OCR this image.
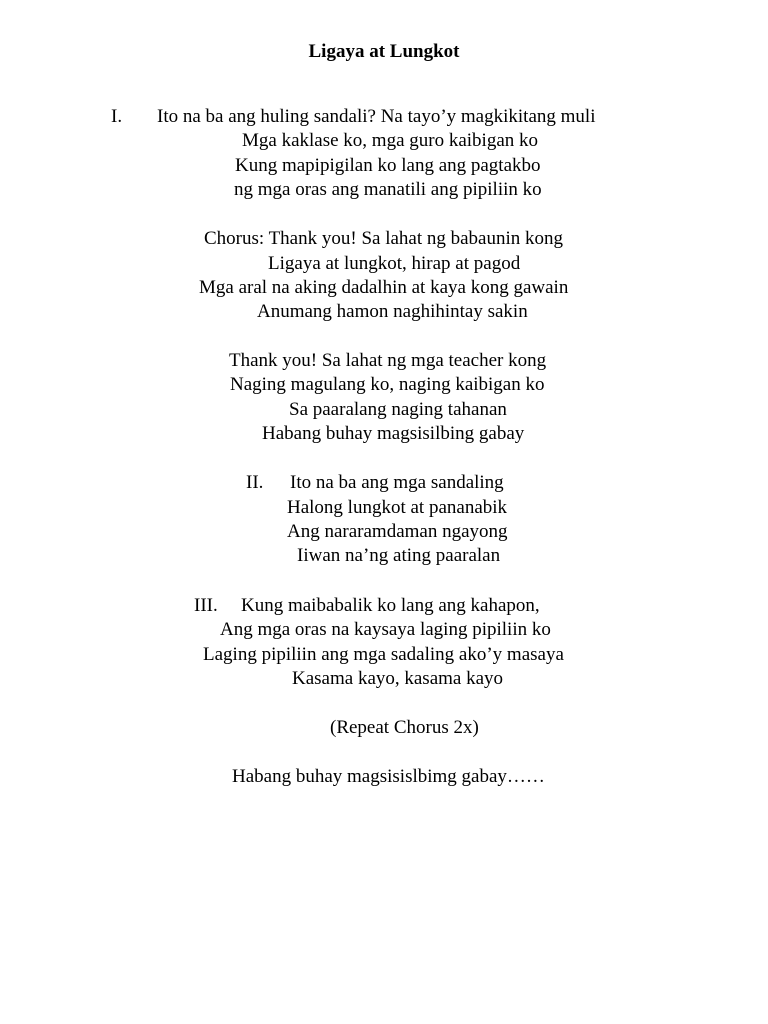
Ligaya at Lungkot
I. Ito na ba ang huling sandali? Na tayo’y magkikitang muli
Mga kaklase ko, mga guro kaibigan ko
Kung mapipigilan ko lang ang pagtakbo
ng mga oras ang manatili ang pipiliin ko
Chorus: Thank you! Sa lahat ng babaunin kong
Ligaya at lungkot, hirap at pagod
Mga aral na aking dadalhin at kaya kong gawain
Anumang hamon naghihintay sakin
Thank you! Sa lahat ng mga teacher kong
Naging magulang ko, naging kaibigan ko
Sa paaralang naging tahanan
Habang buhay magsisilbing gabay
II. Ito na ba ang mga sandaling
Halong lungkot at pananabik
Ang nararamdaman ngayong
Iiwan na’ng ating paaralan
III. Kung maibabalik ko lang ang kahapon,
Ang mga oras na kaysaya laging pipiliin ko
Laging pipiliin ang mga sadaling ako’y masaya
Kasama kayo, kasama kayo
(Repeat Chorus 2x)
Habang buhay magsisislbimg gabay……
